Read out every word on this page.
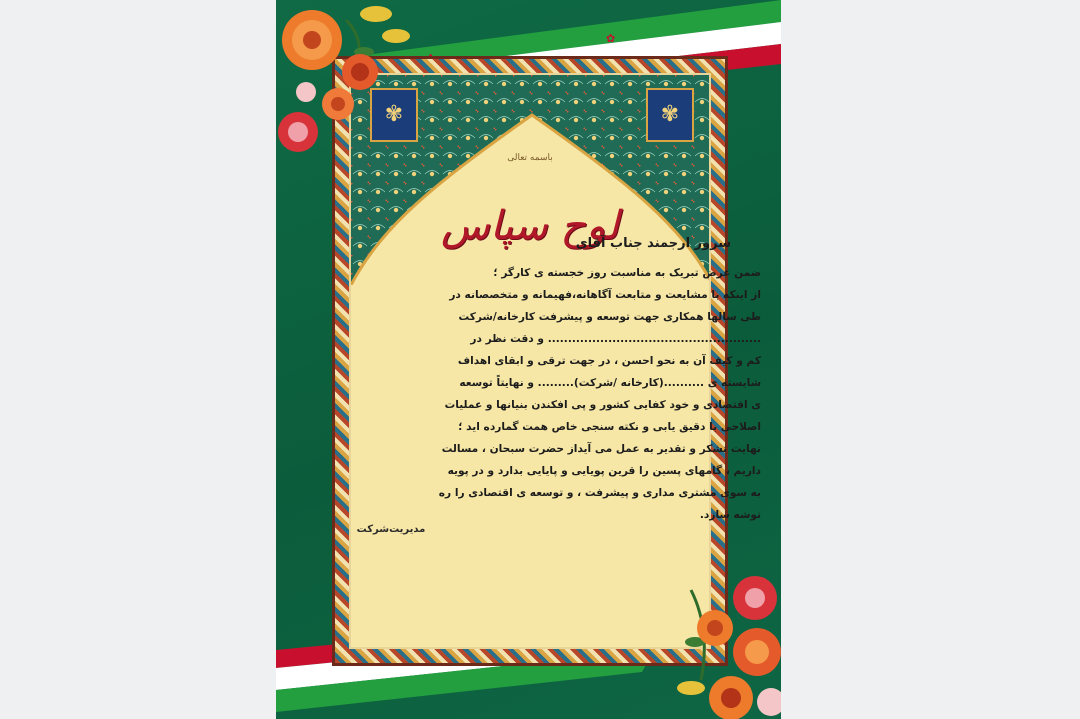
✿
✾	✾
باسمه تعالی
لوح سپاس
سرور ارجمند جناب آقای
ضمن عرض تبریک به مناسبت روز خجسته ی کارگر ؛
از اینکه با مشایعت و متابعت آگاهانه،فهیمانه و متخصصانه در
طی سالها همکاری جهت توسعه و پیشرفت کارخانه/شرکت
..................................................... و دقت نظر در
کم و کیف آن به نحو احسن ، در جهت ترقی و ابقای اهداف
شایسته ی ..........(کارخانه /شرکت)......... و نهایتاً توسعه
ی اقتصادی و خود کفایی کشور و پی افکندن بنیانها و عملیات
اصلاحی با دقیق یابی و نکته سنجی خاص همت گمارده اید ؛
نهایت تشکر و تقدیر به عمل می آیداز حضرت سبحان ، مسالت
داریم ، گامهای پسین را قرین پویایی و پایایی بدارد و در پویه
به سوی مشتری مداری و پیشرفت ، و توسعه ی اقتصادی را ره
توشه سازد.
مدیریت‌شرکت
